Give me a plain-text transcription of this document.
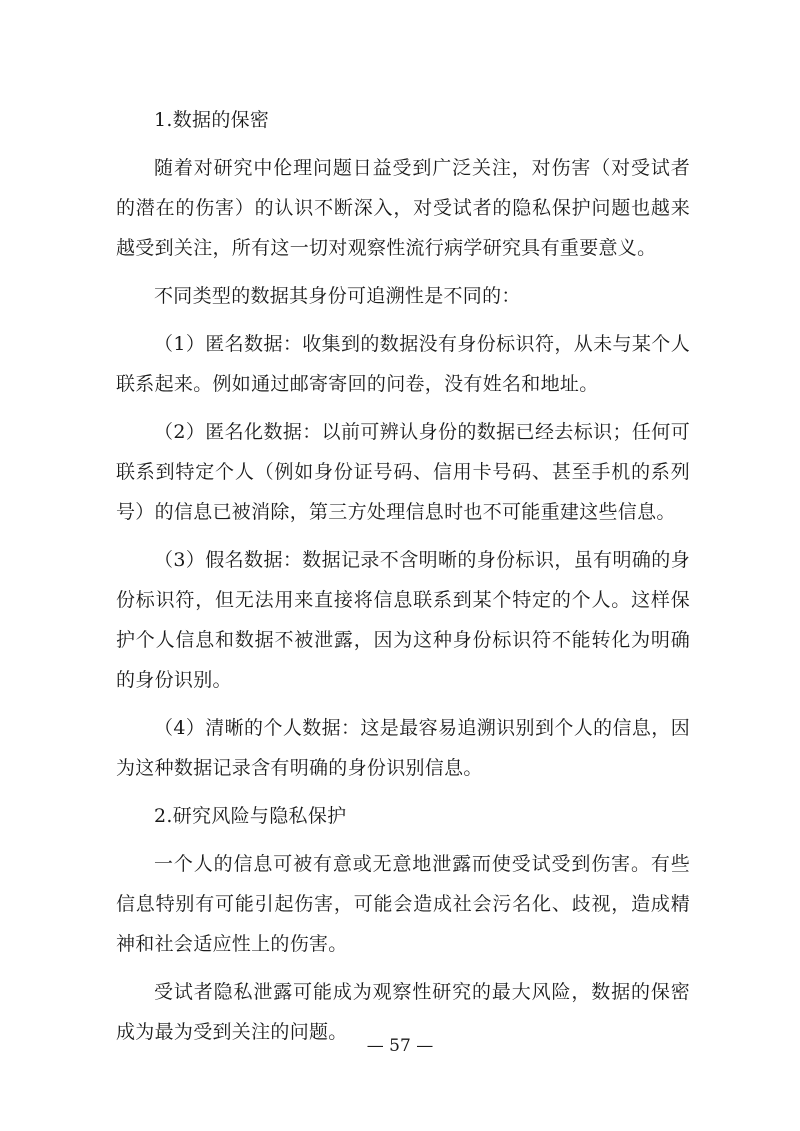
1.数据的保密

随着对研究中伦理问题日益受到广泛关注，对伤害（对受试者的潜在的伤害）的认识不断深入，对受试者的隐私保护问题也越来越受到关注，所有这一切对观察性流行病学研究具有重要意义。

不同类型的数据其身份可追溯性是不同的：

（1）匿名数据：收集到的数据没有身份标识符，从未与某个人联系起来。例如通过邮寄寄回的问卷，没有姓名和地址。

（2）匿名化数据：以前可辨认身份的数据已经去标识；任何可联系到特定个人（例如身份证号码、信用卡号码、甚至手机的系列号）的信息已被消除，第三方处理信息时也不可能重建这些信息。

（3）假名数据：数据记录不含明晰的身份标识，虽有明确的身份标识符，但无法用来直接将信息联系到某个特定的个人。这样保护个人信息和数据不被泄露，因为这种身份标识符不能转化为明确的身份识别。

（4）清晰的个人数据：这是最容易追溯识别到个人的信息，因为这种数据记录含有明确的身份识别信息。

2.研究风险与隐私保护

一个人的信息可被有意或无意地泄露而使受试受到伤害。有些信息特别有可能引起伤害，可能会造成社会污名化、歧视，造成精神和社会适应性上的伤害。

受试者隐私泄露可能成为观察性研究的最大风险，数据的保密成为最为受到关注的问题。

— 57 —
